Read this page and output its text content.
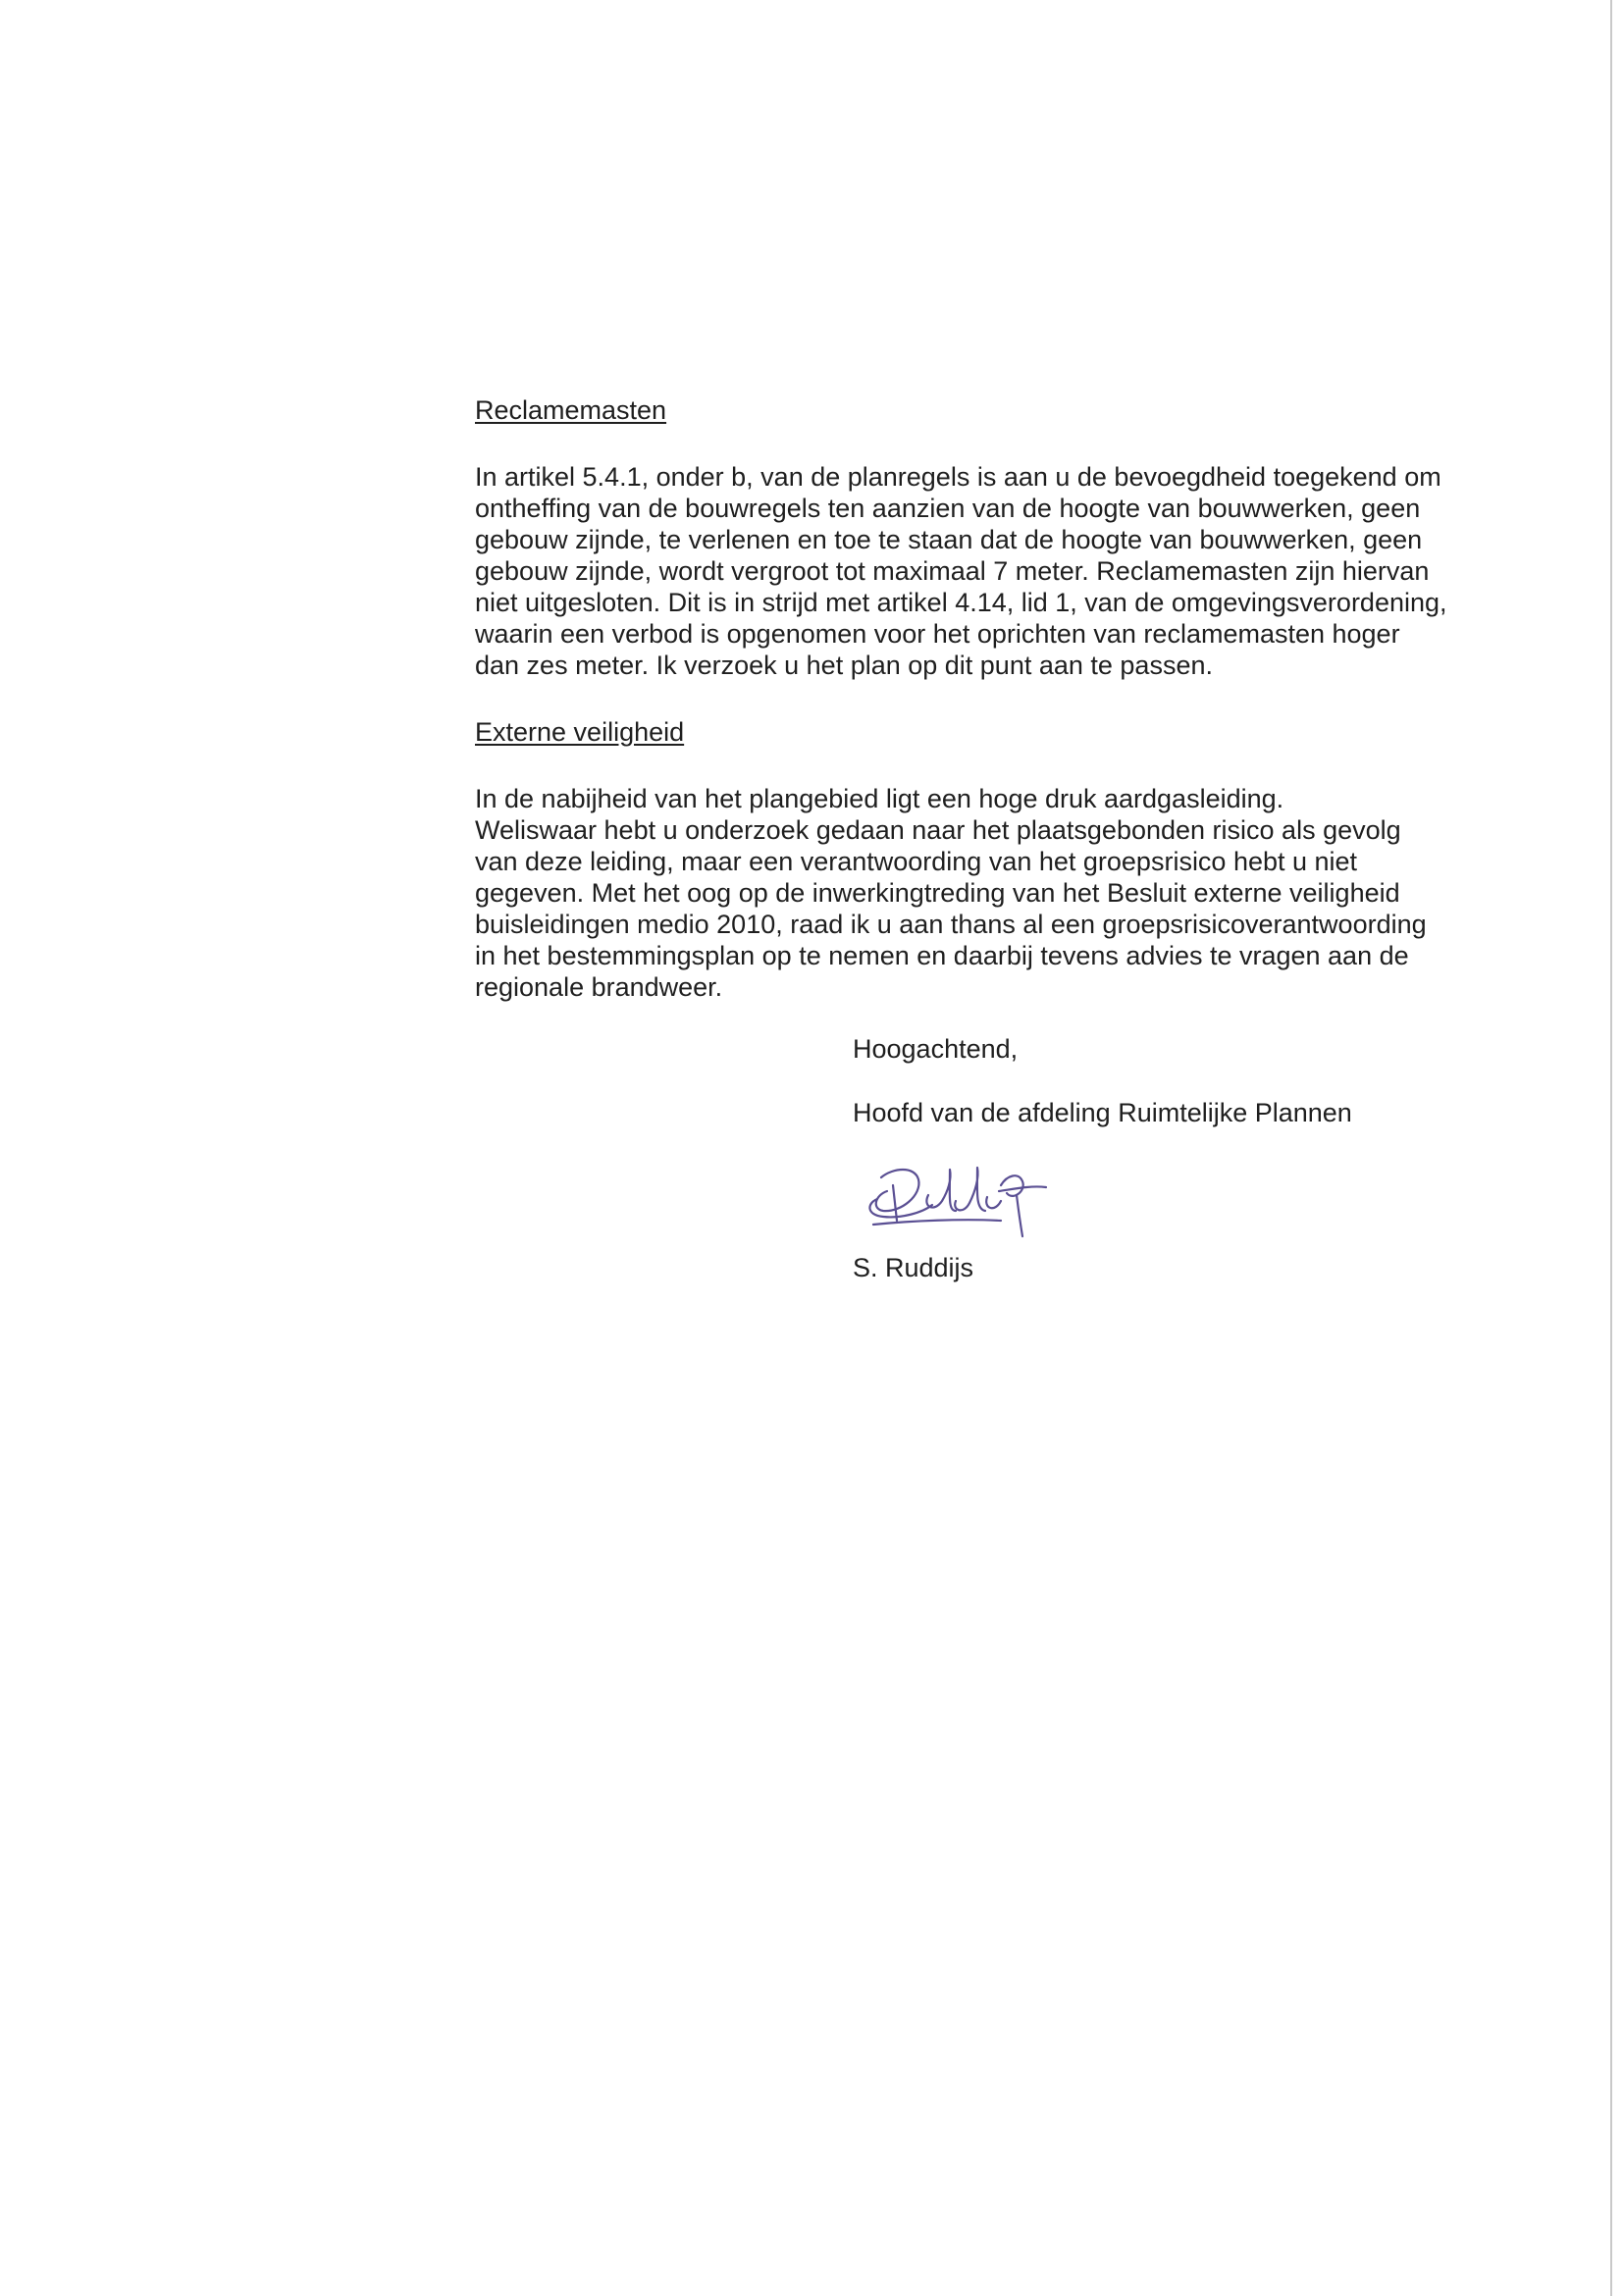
Reclamemasten

In artikel 5.4.1, onder b, van de planregels is aan u de bevoegdheid toegekend om
ontheffing van de bouwregels ten aanzien van de hoogte van bouwwerken, geen
gebouw zijnde, te verlenen en toe te staan dat de hoogte van bouwwerken, geen
gebouw zijnde, wordt vergroot tot maximaal 7 meter. Reclamemasten zijn hiervan
niet uitgesloten. Dit is in strijd met artikel 4.14, lid 1, van de omgevingsverordening,
waarin een verbod is opgenomen voor het oprichten van reclamemasten hoger
dan zes meter. Ik verzoek u het plan op dit punt aan te passen.

Externe veiligheid

In de nabijheid van het plangebied ligt een hoge druk aardgasleiding.
Weliswaar hebt u onderzoek gedaan naar het plaatsgebonden risico als gevolg
van deze leiding, maar een verantwoording van het groepsrisico hebt u niet
gegeven. Met het oog op de inwerkingtreding van het Besluit externe veiligheid
buisleidingen medio 2010, raad ik u aan thans al een groepsrisicoverantwoording
in het bestemmingsplan op te nemen en daarbij tevens advies te vragen aan de
regionale brandweer.

Hoogachtend,
Hoofd van de afdeling Ruimtelijke Plannen
S. Ruddijs
